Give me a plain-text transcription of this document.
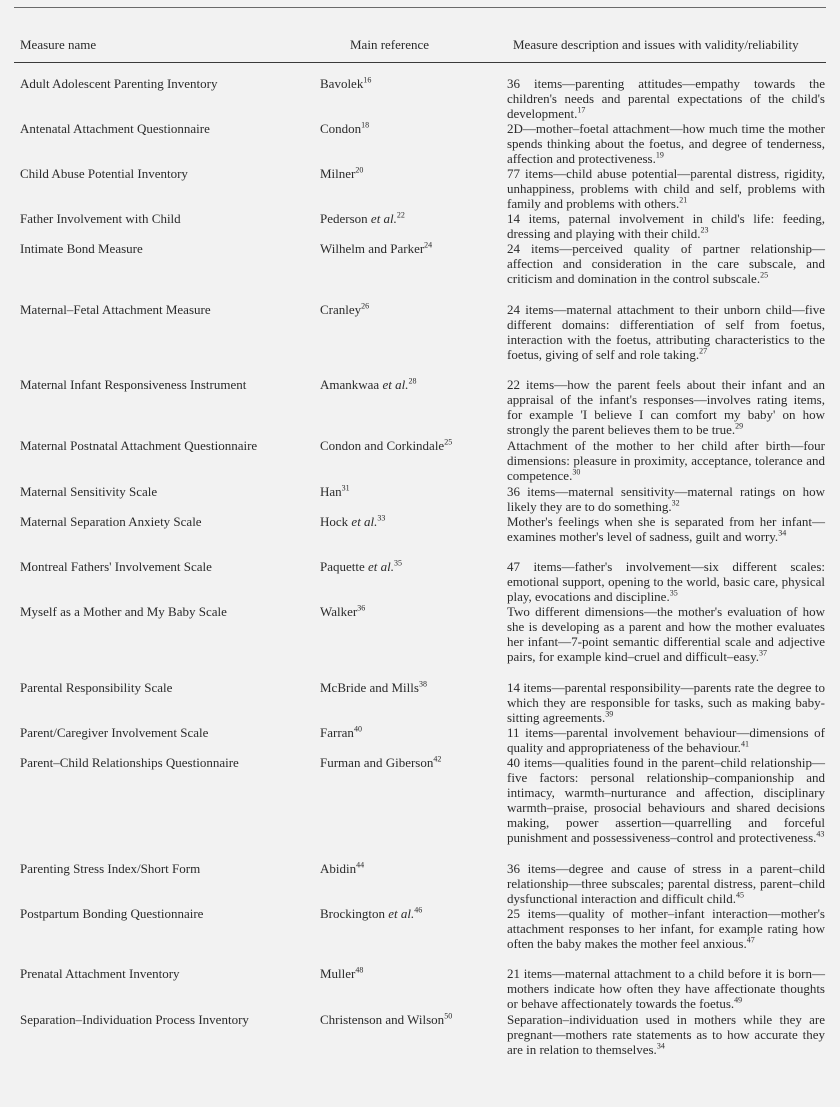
Measure name	Main reference	Measure description and issues with validity/reliability
Adult Adolescent Parenting Inventory	Bavolek$^{16}$	36 items—parenting attitudes—empathy towards the children's needs and parental expectations of the child's development.$^{17}$
Antenatal Attachment Questionnaire	Condon$^{18}$	2D—mother–foetal attachment—how much time the mother spends thinking about the foetus, and degree of tenderness, affection and protectiveness.$^{19}$
Child Abuse Potential Inventory	Milner$^{20}$	77 items—child abuse potential—parental distress, rigidity, unhappiness, problems with child and self, problems with family and problems with others.$^{21}$
Father Involvement with Child	Pederson et al.$^{22}$	14 items, paternal involvement in child's life: feeding, dressing and playing with their child.$^{23}$
Intimate Bond Measure	Wilhelm and Parker$^{24}$	24 items—perceived quality of partner relationship—affection and consideration in the care subscale, and criticism and domination in the control subscale.$^{25}$
Maternal–Fetal Attachment Measure	Cranley$^{26}$	24 items—maternal attachment to their unborn child—five different domains: differentiation of self from foetus, interaction with the foetus, attributing characteristics to the foetus, giving of self and role taking.$^{27}$
Maternal Infant Responsiveness Instrument	Amankwaa et al.$^{28}$	22 items—how the parent feels about their infant and an appraisal of the infant's responses—involves rating items, for example 'I believe I can comfort my baby' on how strongly the parent believes them to be true.$^{29}$
Maternal Postnatal Attachment Questionnaire	Condon and Corkindale$^{25}$	Attachment of the mother to her child after birth—four dimensions: pleasure in proximity, acceptance, tolerance and competence.$^{30}$
Maternal Sensitivity Scale	Han$^{31}$	36 items—maternal sensitivity—maternal ratings on how likely they are to do something.$^{32}$
Maternal Separation Anxiety Scale	Hock et al.$^{33}$	Mother's feelings when she is separated from her infant—examines mother's level of sadness, guilt and worry.$^{34}$
Montreal Fathers' Involvement Scale	Paquette et al.$^{35}$	47 items—father's involvement—six different scales: emotional support, opening to the world, basic care, physical play, evocations and discipline.$^{35}$
Myself as a Mother and My Baby Scale	Walker$^{36}$	Two different dimensions—the mother's evaluation of how she is developing as a parent and how the mother evaluates her infant—7-point semantic differential scale and adjective pairs, for example kind–cruel and difficult–easy.$^{37}$
Parental Responsibility Scale	McBride and Mills$^{38}$	14 items—parental responsibility—parents rate the degree to which they are responsible for tasks, such as making baby-sitting agreements.$^{39}$
Parent/Caregiver Involvement Scale	Farran$^{40}$	11 items—parental involvement behaviour—dimensions of quality and appropriateness of the behaviour.$^{41}$
Parent–Child Relationships Questionnaire	Furman and Giberson$^{42}$	40 items—qualities found in the parent–child relationship—five factors: personal relationship–companionship and intimacy, warmth–nurturance and affection, disciplinary warmth–praise, prosocial behaviours and shared decisions making, power assertion—quarrelling and forceful punishment and possessiveness–control and protectiveness.$^{43}$
Parenting Stress Index/Short Form	Abidin$^{44}$	36 items—degree and cause of stress in a parent–child relationship—three subscales; parental distress, parent–child dysfunctional interaction and difficult child.$^{45}$
Postpartum Bonding Questionnaire	Brockington et al.$^{46}$	25 items—quality of mother–infant interaction—mother's attachment responses to her infant, for example rating how often the baby makes the mother feel anxious.$^{47}$
Prenatal Attachment Inventory	Muller$^{48}$	21 items—maternal attachment to a child before it is born—mothers indicate how often they have affectionate thoughts or behave affectionately towards the foetus.$^{49}$
Separation–Individuation Process Inventory	Christenson and Wilson$^{50}$	Separation–individuation used in mothers while they are pregnant—mothers rate statements as to how accurate they are in relation to themselves.$^{34}$
